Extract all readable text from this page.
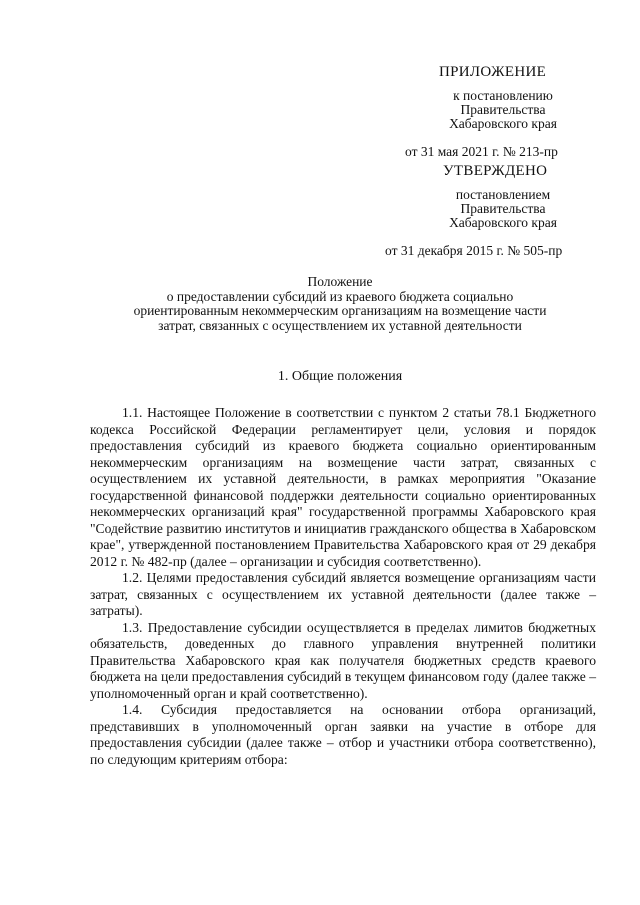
ПРИЛОЖЕНИЕ
к постановлению
Правительства
Хабаровского края
от 31 мая 2021 г. № 213-пр
УТВЕРЖДЕНО
постановлением
Правительства
Хабаровского края
от 31 декабря 2015 г. № 505-пр
Положение
о предоставлении субсидий из краевого бюджета социально
ориентированным некоммерческим организациям на возмещение части
затрат, связанных с осуществлением их уставной деятельности
1. Общие положения

1.1. Настоящее Положение в соответствии с пунктом 2 статьи 78.1 Бюджетного кодекса Российской Федерации регламентирует цели, условия и порядок предоставления субсидий из краевого бюджета социально ориентированным некоммерческим организациям на возмещение части затрат, связанных с осуществлением их уставной деятельности, в рамках мероприятия "Оказание государственной финансовой поддержки деятельности социально ориентированных некоммерческих организаций края" государственной программы Хабаровского края "Содействие развитию институтов и инициатив гражданского общества в Хабаровском крае", утвержденной постановлением Правительства Хабаровского края от 29 декабря 2012 г. № 482-пр (далее – организации и субсидия соответственно).

1.2. Целями предоставления субсидий является возмещение организациям части затрат, связанных с осуществлением их уставной деятельности (далее также – затраты).

1.3. Предоставление субсидии осуществляется в пределах лимитов бюджетных обязательств, доведенных до главного управления внутренней политики Правительства Хабаровского края как получателя бюджетных средств краевого бюджета на цели предоставления субсидий в текущем финансовом году (далее также – уполномоченный орган и край соответственно).

1.4. Субсидия предоставляется на основании отбора организаций, представивших в уполномоченный орган заявки на участие в отборе для предоставления субсидии (далее также – отбор и участники отбора соответственно), по следующим критериям отбора:
